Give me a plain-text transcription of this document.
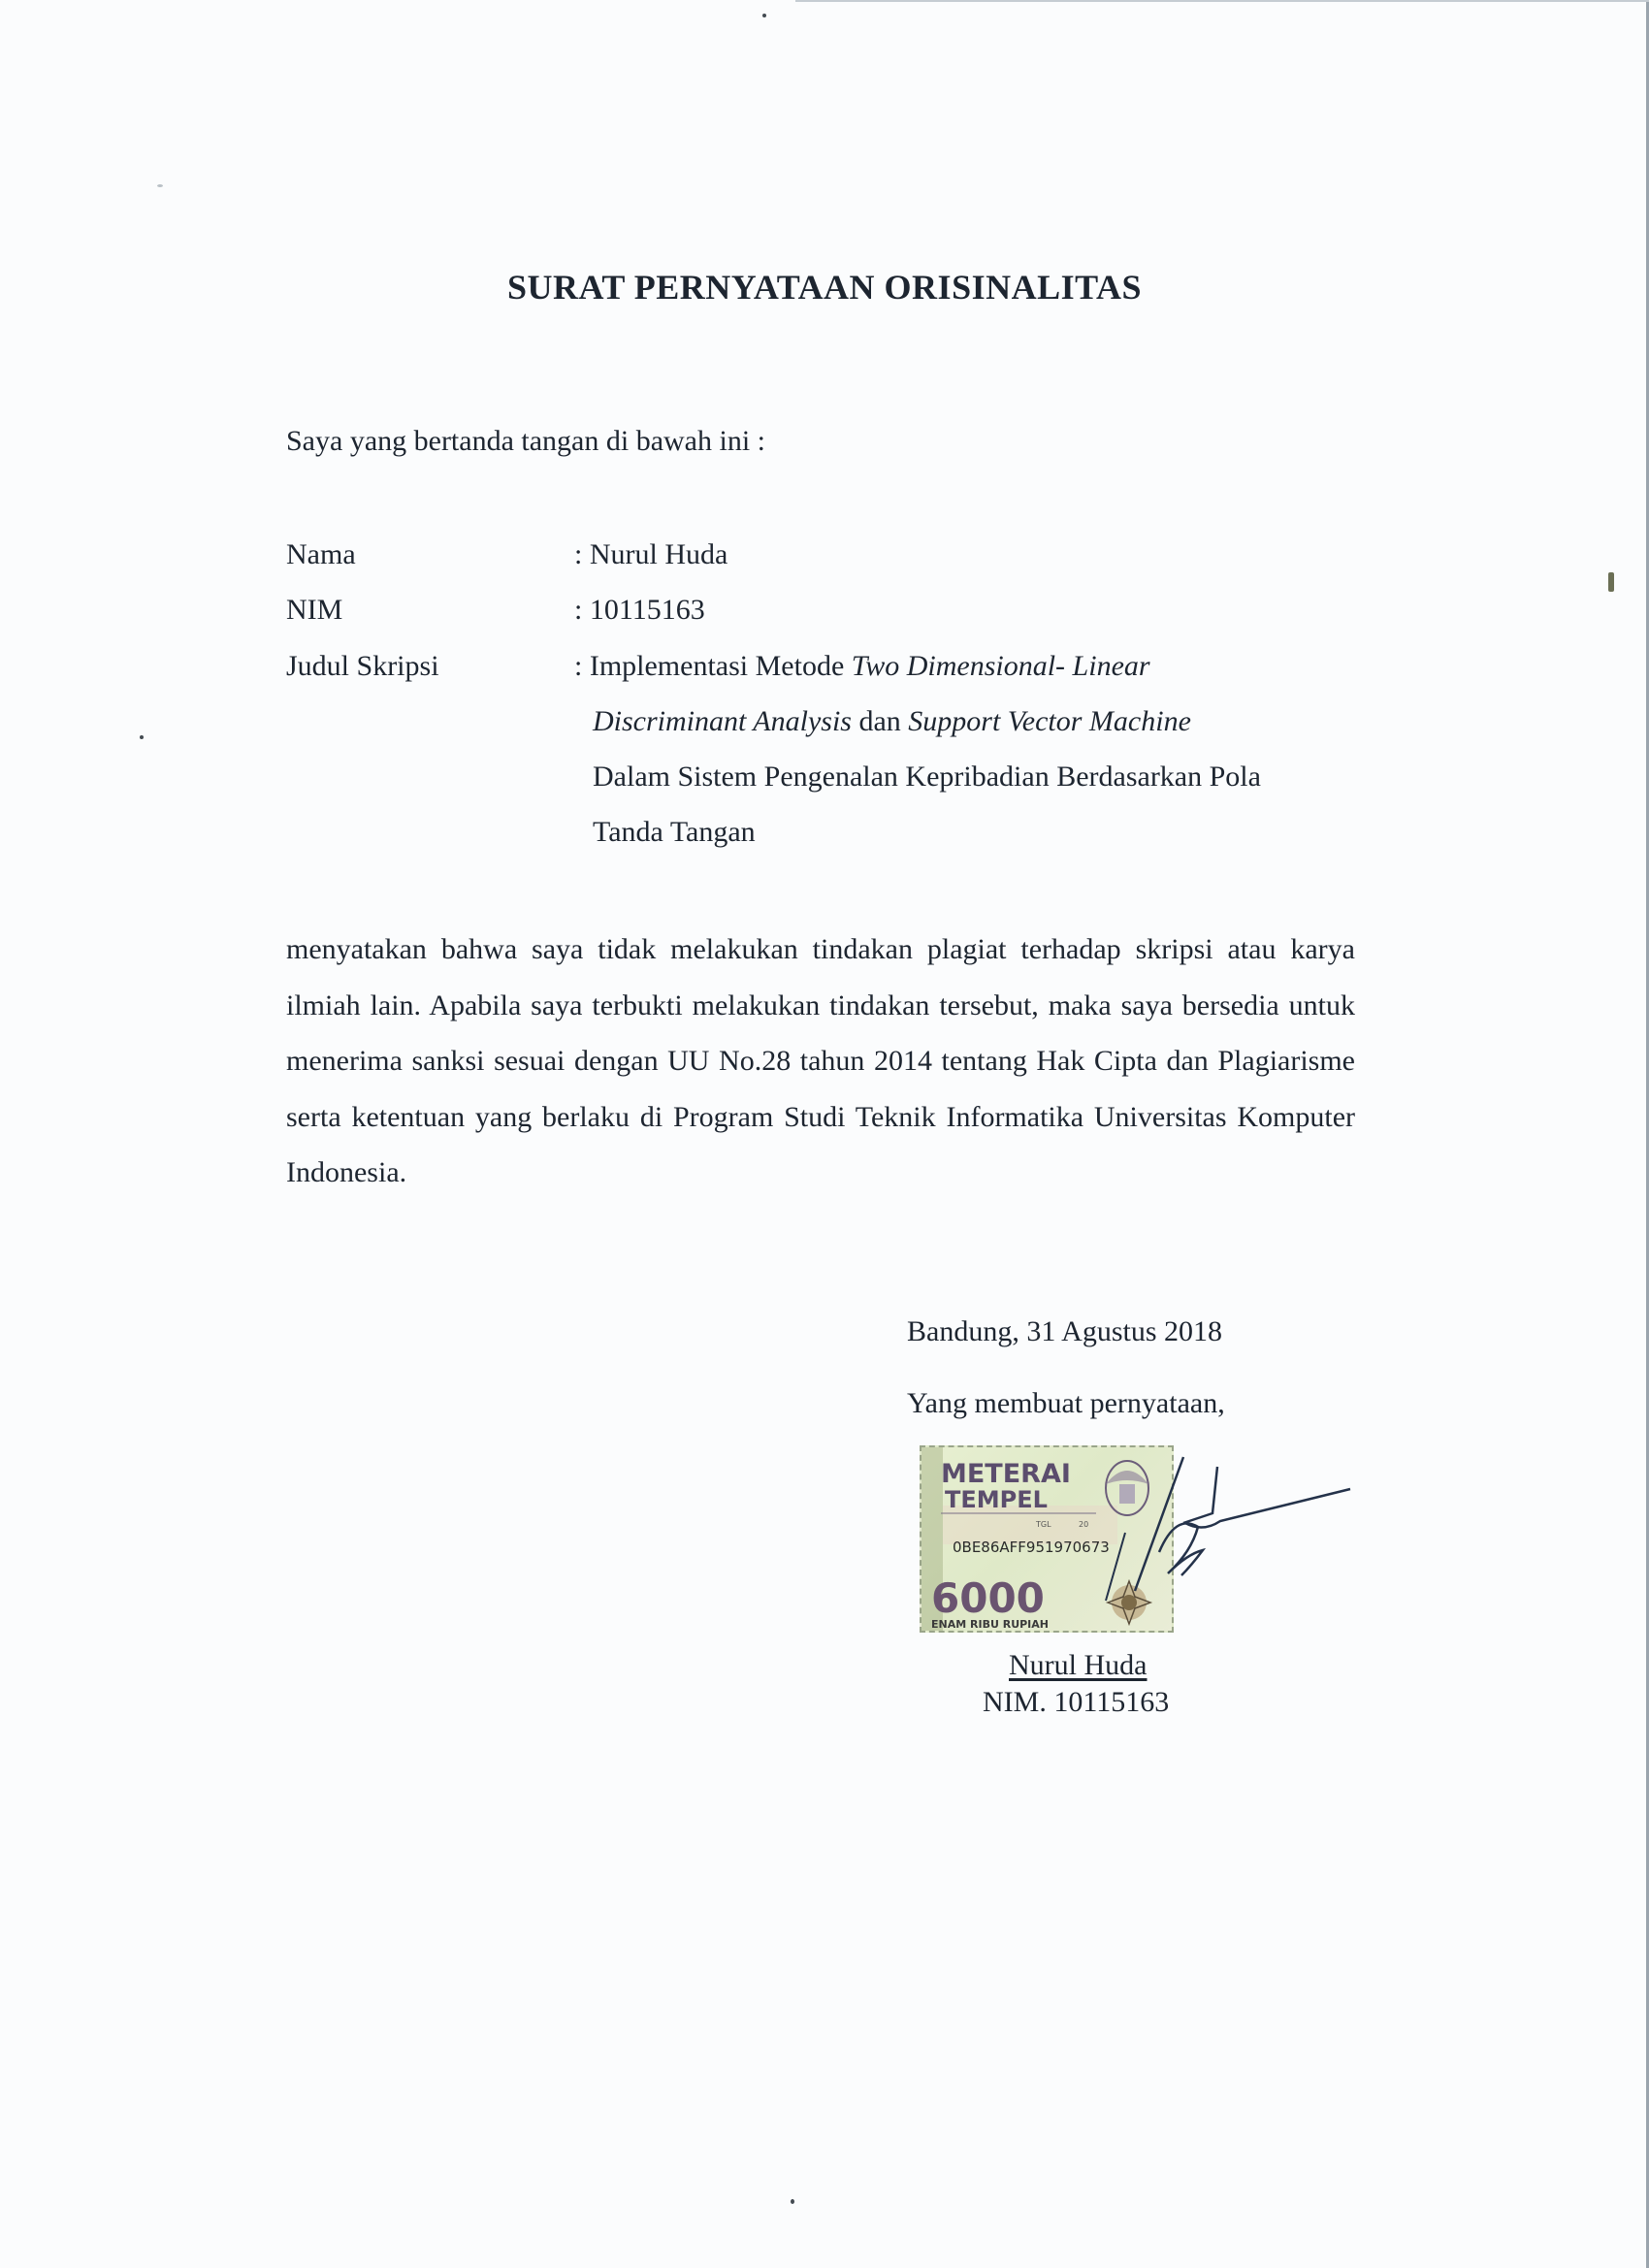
SURAT PERNYATAAN ORISINALITAS
Saya yang bertanda tangan di bawah ini :
Nama	: Nurul Huda
NIM	: 10115163
Judul Skripsi	: Implementasi Metode Two Dimensional- Linear
Discriminant Analysis dan Support Vector Machine
Dalam Sistem Pengenalan Kepribadian Berdasarkan Pola
Tanda Tangan
menyatakan bahwa saya tidak melakukan tindakan plagiat terhadap skripsi atau karya ilmiah lain. Apabila saya terbukti melakukan tindakan tersebut, maka saya bersedia untuk menerima sanksi sesuai dengan UU No.28 tahun 2014 tentang Hak Cipta dan Plagiarisme serta ketentuan yang berlaku di Program Studi Teknik Informatika Universitas Komputer Indonesia.
Bandung, 31 Agustus 2018
Yang membuat pernyataan,
METERAI
TEMPEL
TGL	20
0BE86AFF951970673
6000
ENAM RIBU RUPIAH
Nurul Huda
NIM. 10115163
